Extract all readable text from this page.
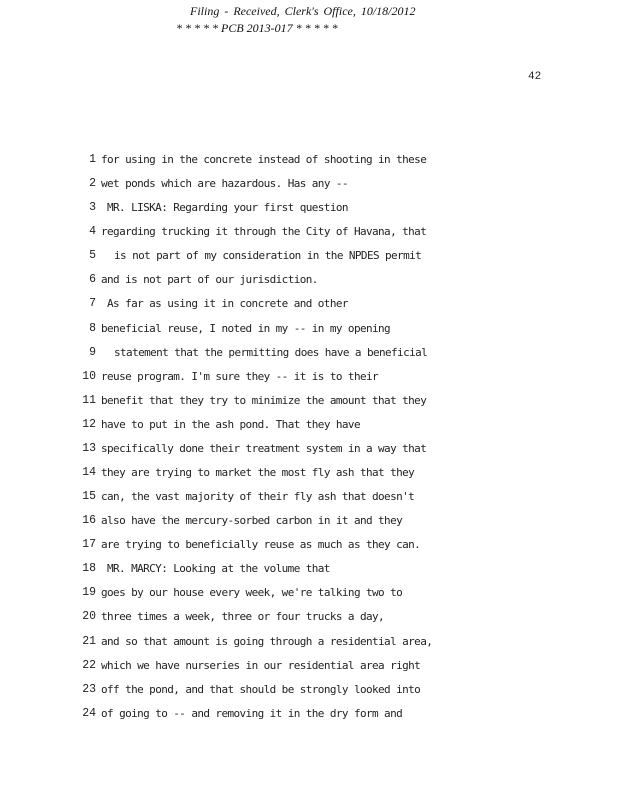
Filing - Received, Clerk's Office, 10/18/2012
* * * * * PCB 2013-017 * * * * *
42
1 for using in the concrete instead of shooting in these
2 wet ponds which are hazardous. Has any --
3 MR. LISKA: Regarding your first question
4 regarding trucking it through the City of Havana, that
5 is not part of my consideration in the NPDES permit
6 and is not part of our jurisdiction.
7 As far as using it in concrete and other
8 beneficial reuse, I noted in my -- in my opening
9 statement that the permitting does have a beneficial
10 reuse program. I'm sure they -- it is to their
11 benefit that they try to minimize the amount that they
12 have to put in the ash pond. That they have
13 specifically done their treatment system in a way that
14 they are trying to market the most fly ash that they
15 can, the vast majority of their fly ash that doesn't
16 also have the mercury-sorbed carbon in it and they
17 are trying to beneficially reuse as much as they can.
18 MR. MARCY: Looking at the volume that
19 goes by our house every week, we're talking two to
20 three times a week, three or four trucks a day,
21 and so that amount is going through a residential area,
22 which we have nurseries in our residential area right
23 off the pond, and that should be strongly looked into
24 of going to -- and removing it in the dry form and
